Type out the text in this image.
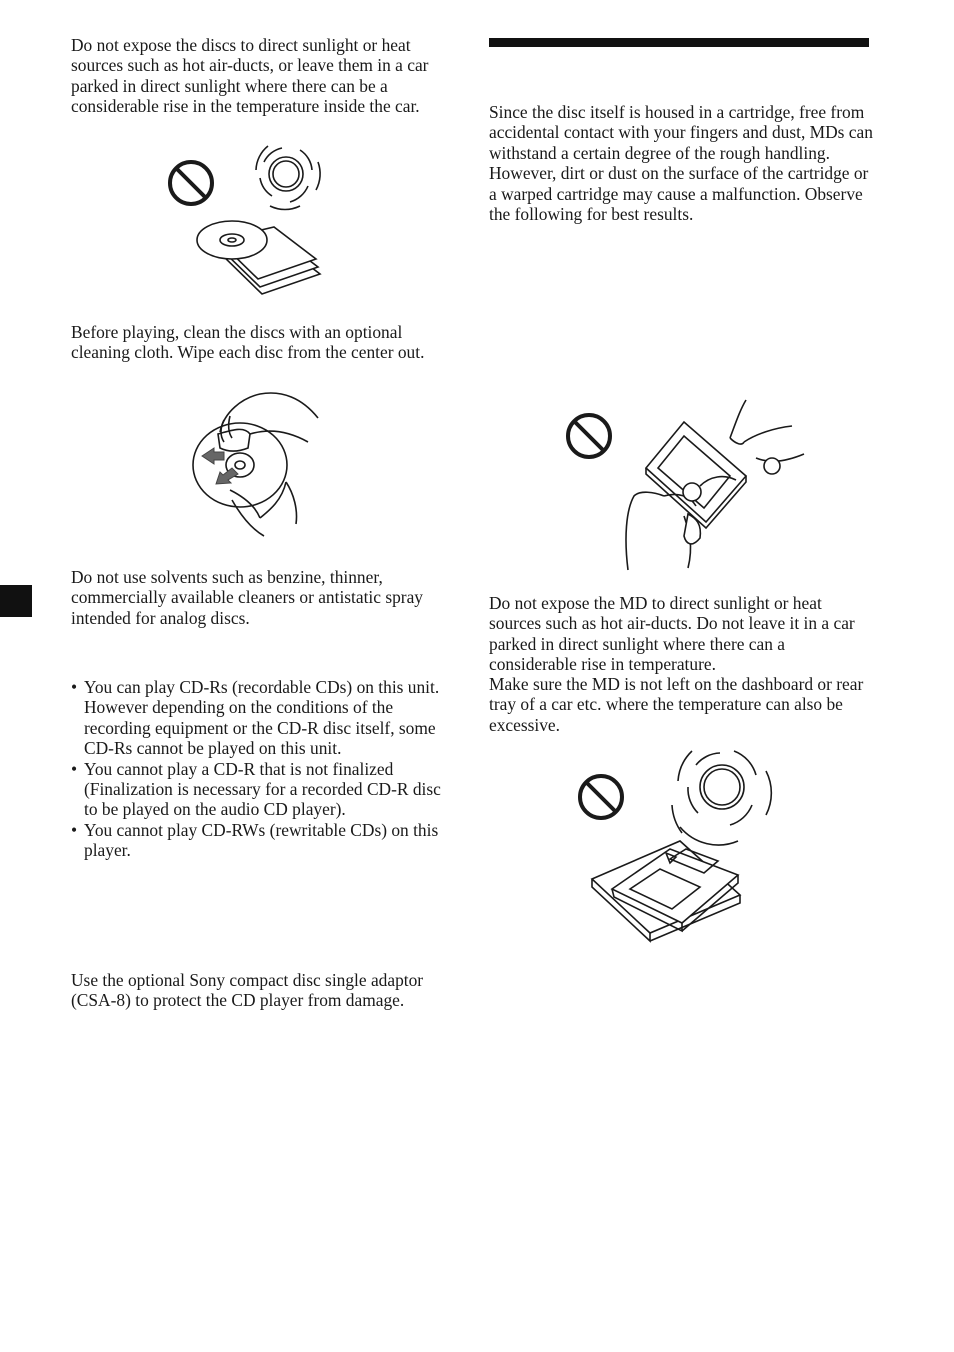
Do not expose the discs to direct sunlight or heat sources such as hot air-ducts, or leave them in a car parked in direct sunlight where there can be a considerable rise in the temperature inside the car.

Before playing, clean the discs with an optional cleaning cloth. Wipe each disc from the center out.

Do not use solvents such as benzine, thinner, commercially available cleaners or antistatic spray intended for analog discs.

• You can play CD-Rs (recordable CDs) on this unit. However depending on the conditions of the recording equipment or the CD-R disc itself, some CD-Rs cannot be played on this unit.
• You cannot play a CD-R that is not finalized (Finalization is necessary for a recorded CD-R disc to be played on the audio CD player).
• You cannot play CD-RWs (rewritable CDs) on this player.

Use the optional Sony compact disc single adaptor (CSA-8) to protect the CD player from damage.

Since the disc itself is housed in a cartridge, free from accidental contact with your fingers and dust, MDs can withstand a certain degree of the rough handling. However, dirt or dust on the surface of the cartridge or a warped cartridge may cause a malfunction. Observe the following for best results.

Do not expose the MD to direct sunlight or heat sources such as hot air-ducts. Do not leave it in a car parked in direct sunlight where there can a considerable rise in temperature.

Make sure the MD is not left on the dashboard or rear tray of a car etc. where the temperature can also be excessive.
